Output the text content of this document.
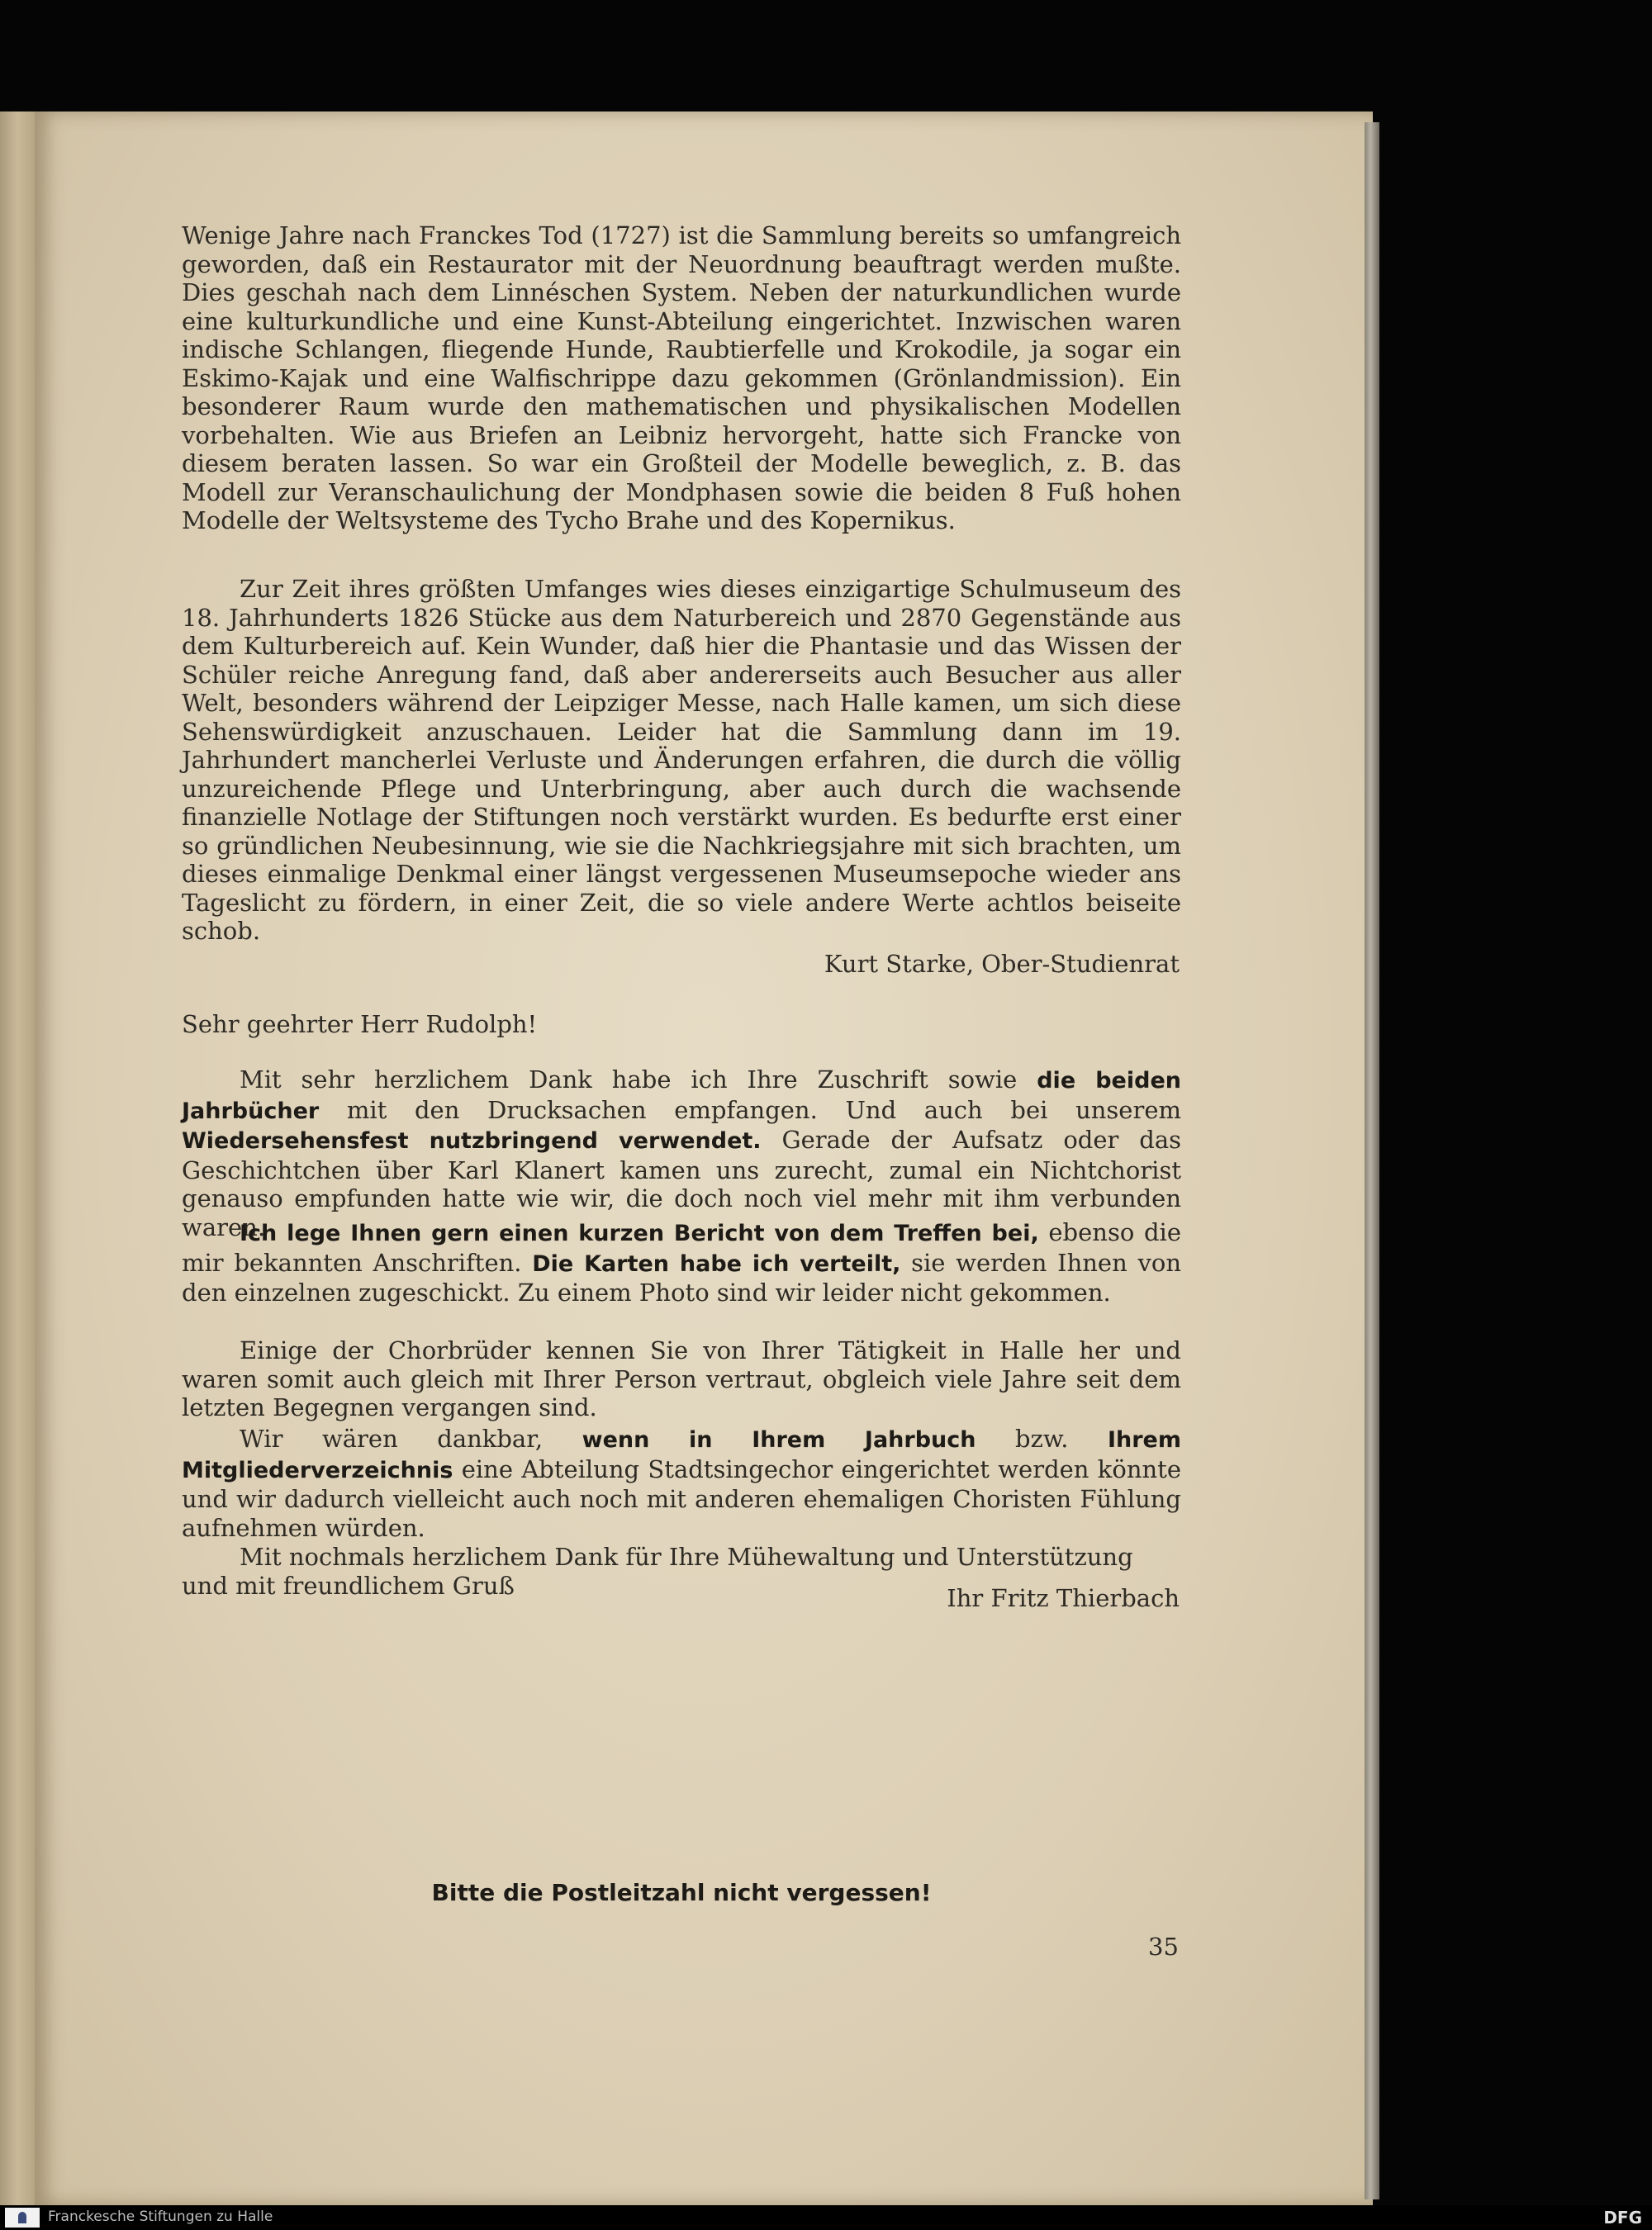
Wenige Jahre nach Franckes Tod (1727) ist die Sammlung bereits so umfangreich geworden, daß ein Restaurator mit der Neuordnung beauftragt werden mußte. Dies geschah nach dem Linnéschen System. Neben der naturkundlichen wurde eine kulturkundliche und eine Kunst-Abteilung eingerichtet. Inzwischen waren indische Schlangen, fliegende Hunde, Raubtierfelle und Krokodile, ja sogar ein Eskimo-Kajak und eine Walfischrippe dazu gekommen (Grönlandmission). Ein besonderer Raum wurde den mathematischen und physikalischen Modellen vorbehalten. Wie aus Briefen an Leibniz hervorgeht, hatte sich Francke von diesem beraten lassen. So war ein Großteil der Modelle beweglich, z. B. das Modell zur Veranschaulichung der Mondphasen sowie die beiden 8 Fuß hohen Modelle der Weltsysteme des Tycho Brahe und des Kopernikus.

Zur Zeit ihres größten Umfanges wies dieses einzigartige Schulmuseum des 18. Jahrhunderts 1826 Stücke aus dem Naturbereich und 2870 Gegenstände aus dem Kulturbereich auf. Kein Wunder, daß hier die Phantasie und das Wissen der Schüler reiche Anregung fand, daß aber andererseits auch Besucher aus aller Welt, besonders während der Leipziger Messe, nach Halle kamen, um sich diese Sehenswürdigkeit anzuschauen. Leider hat die Sammlung dann im 19. Jahrhundert mancherlei Verluste und Änderungen erfahren, die durch die völlig unzureichende Pflege und Unterbringung, aber auch durch die wachsende finanzielle Notlage der Stiftungen noch verstärkt wurden. Es bedurfte erst einer so gründlichen Neubesinnung, wie sie die Nachkriegsjahre mit sich brachten, um dieses einmalige Denkmal einer längst vergessenen Museumsepoche wieder ans Tageslicht zu fördern, in einer Zeit, die so viele andere Werte achtlos beiseite schob.

Kurt Starke, Ober-Studienrat

Sehr geehrter Herr Rudolph!

Mit sehr herzlichem Dank habe ich Ihre Zuschrift sowie die beiden Jahrbücher mit den Drucksachen empfangen. Und auch bei unserem Wiedersehensfest nutzbringend verwendet. Gerade der Aufsatz oder das Geschichtchen über Karl Klanert kamen uns zurecht, zumal ein Nichtchorist genauso empfunden hatte wie wir, die doch noch viel mehr mit ihm verbunden waren.

Ich lege Ihnen gern einen kurzen Bericht von dem Treffen bei, ebenso die mir bekannten Anschriften. Die Karten habe ich verteilt, sie werden Ihnen von den einzelnen zugeschickt. Zu einem Photo sind wir leider nicht gekommen.

Einige der Chorbrüder kennen Sie von Ihrer Tätigkeit in Halle her und waren somit auch gleich mit Ihrer Person vertraut, obgleich viele Jahre seit dem letzten Begegnen vergangen sind.

Wir wären dankbar, wenn in Ihrem Jahrbuch bzw. Ihrem Mitgliederverzeichnis eine Abteilung Stadtsingechor eingerichtet werden könnte und wir dadurch vielleicht auch noch mit anderen ehemaligen Choristen Fühlung aufnehmen würden.

Mit nochmals herzlichem Dank für Ihre Mühewaltung und Unterstützung

und mit freundlichem Gruß	Ihr Fritz Thierbach

Bitte die Postleitzahl nicht vergessen!

35

Franckesche Stiftungen zu Halle	DFG
